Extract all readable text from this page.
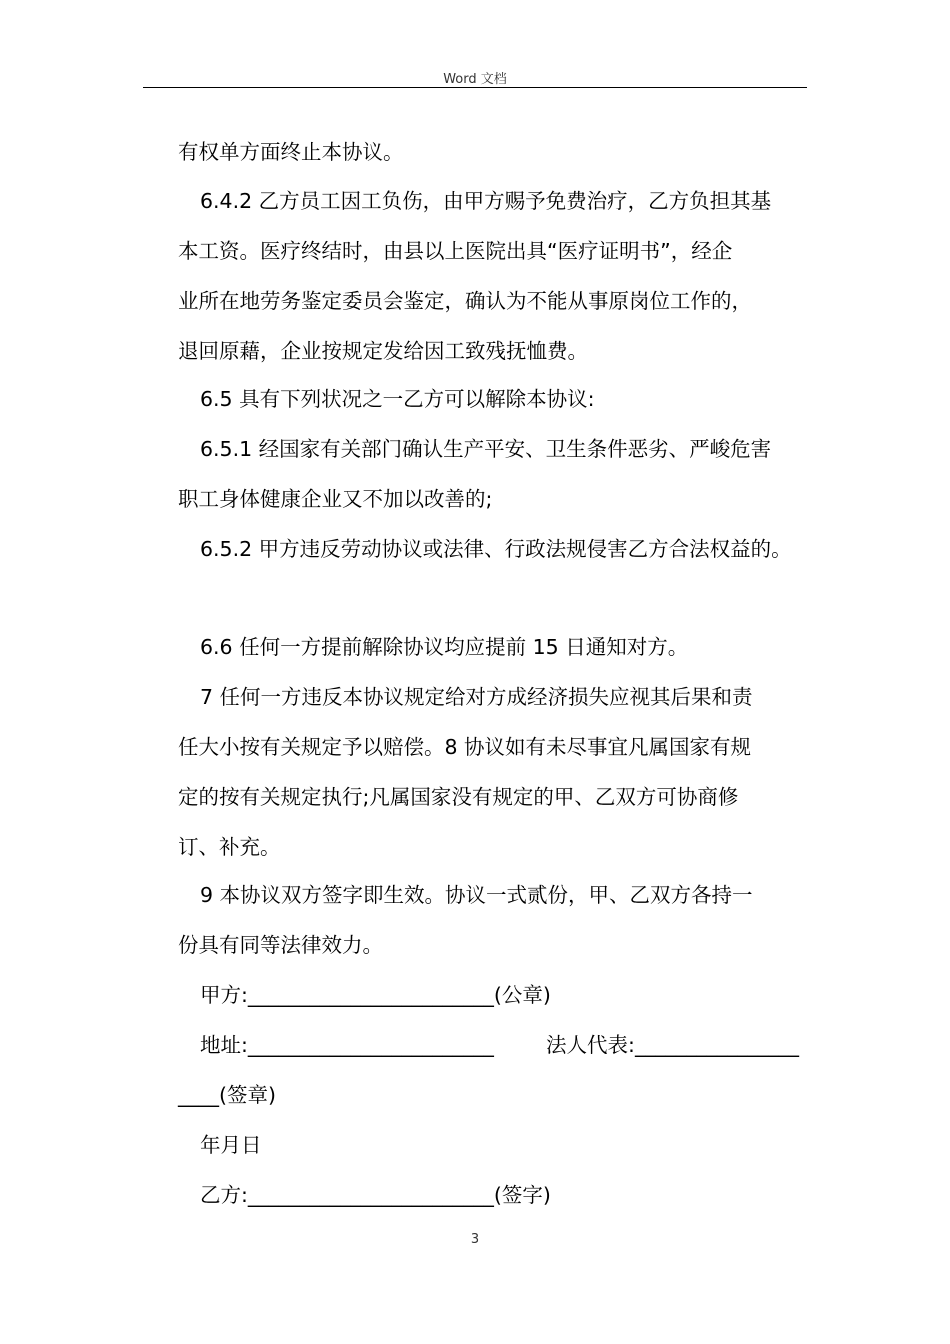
Word 文档
有权单方面终止本协议。
6.4.2 乙方员工因工负伤，由甲方赐予免费治疗，乙方负担其基
本工资。医疗终结时，由县以上医院出具“医疗证明书”，经企
业所在地劳务鉴定委员会鉴定，确认为不能从事原岗位工作的，
退回原藉，企业按规定发给因工致残抚恤费。
6.5 具有下列状况之一乙方可以解除本协议:
6.5.1 经国家有关部门确认生产平安、卫生条件恶劣、严峻危害
职工身体健康企业又不加以改善的;
6.5.2 甲方违反劳动协议或法律、行政法规侵害乙方合法权益的。
6.6 任何一方提前解除协议均应提前 15 日通知对方。
7 任何一方违反本协议规定给对方成经济损失应视其后果和责
任大小按有关规定予以赔偿。8 协议如有未尽事宜凡属国家有规
定的按有关规定执行;凡属国家没有规定的甲、乙双方可协商修
订、补充。
9 本协议双方签字即生效。协议一式贰份，甲、乙双方各持一
份具有同等法律效力。
甲方:________________________(公章)
地址:________________________        法人代表:________________
____(签章)
年月日
乙方:________________________(签字)
3
